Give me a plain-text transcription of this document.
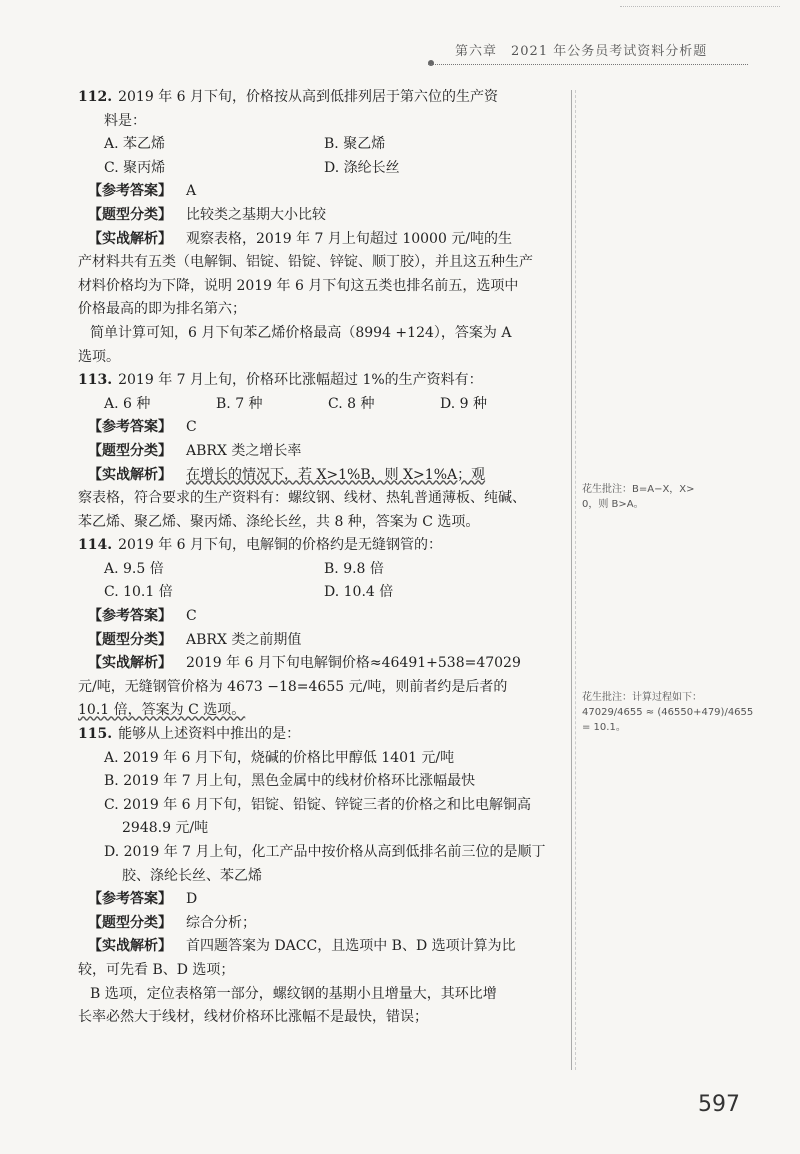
第六章　2021 年公务员考试资料分析题
112. 2019 年 6 月下旬，价格按从高到低排列居于第六位的生产资
料是：
A. 苯乙烯	B. 聚乙烯
C. 聚丙烯	D. 涤纶长丝
【参考答案】 A
【题型分类】 比较类之基期大小比较
【实战解析】 观察表格，2019 年 7 月上旬超过 10000 元/吨的生
产材料共有五类（电解铜、铝锭、铅锭、锌锭、顺丁胶），并且这五种生产
材料价格均为下降，说明 2019 年 6 月下旬这五类也排名前五，选项中
价格最高的即为排名第六；
简单计算可知，6 月下旬苯乙烯价格最高（8994 +124），答案为 A
选项。
113. 2019 年 7 月上旬，价格环比涨幅超过 1%的生产资料有：
A. 6 种	B. 7 种	C. 8 种	D. 9 种
【参考答案】 C
【题型分类】 ABRX 类之增长率
【实战解析】 在增长的情况下，若 X>1%B，则 X>1%A；观
察表格，符合要求的生产资料有：螺纹钢、线材、热轧普通薄板、纯碱、
苯乙烯、聚乙烯、聚丙烯、涤纶长丝，共 8 种，答案为 C 选项。
114. 2019 年 6 月下旬，电解铜的价格约是无缝钢管的：
A. 9.5 倍	B. 9.8 倍
C. 10.1 倍	D. 10.4 倍
【参考答案】 C
【题型分类】 ABRX 类之前期值
【实战解析】 2019 年 6 月下旬电解铜价格≈46491+538=47029
元/吨，无缝钢管价格为 4673 −18=4655 元/吨，则前者约是后者的
10.1 倍，答案为 C 选项。
115. 能够从上述资料中推出的是：
A. 2019 年 6 月下旬，烧碱的价格比甲醇低 1401 元/吨
B. 2019 年 7 月上旬，黑色金属中的线材价格环比涨幅最快
C. 2019 年 6 月下旬，铝锭、铅锭、锌锭三者的价格之和比电解铜高 2948.9 元/吨
D. 2019 年 7 月上旬，化工产品中按价格从高到低排名前三位的是顺丁胶、涤纶长丝、苯乙烯
【参考答案】 D
【题型分类】 综合分析；
【实战解析】 首四题答案为 DACC，且选项中 B、D 选项计算为比
较，可先看 B、D 选项；
B 选项，定位表格第一部分，螺纹钢的基期小且增量大，其环比增
长率必然大于线材，线材价格环比涨幅不是最快，错误；
花生批注：B=A−X，X>
0，则 B>A。
花生批注：计算过程如下：
47029/4655 ≈ (46550+479)/4655 = 10.1。
597
